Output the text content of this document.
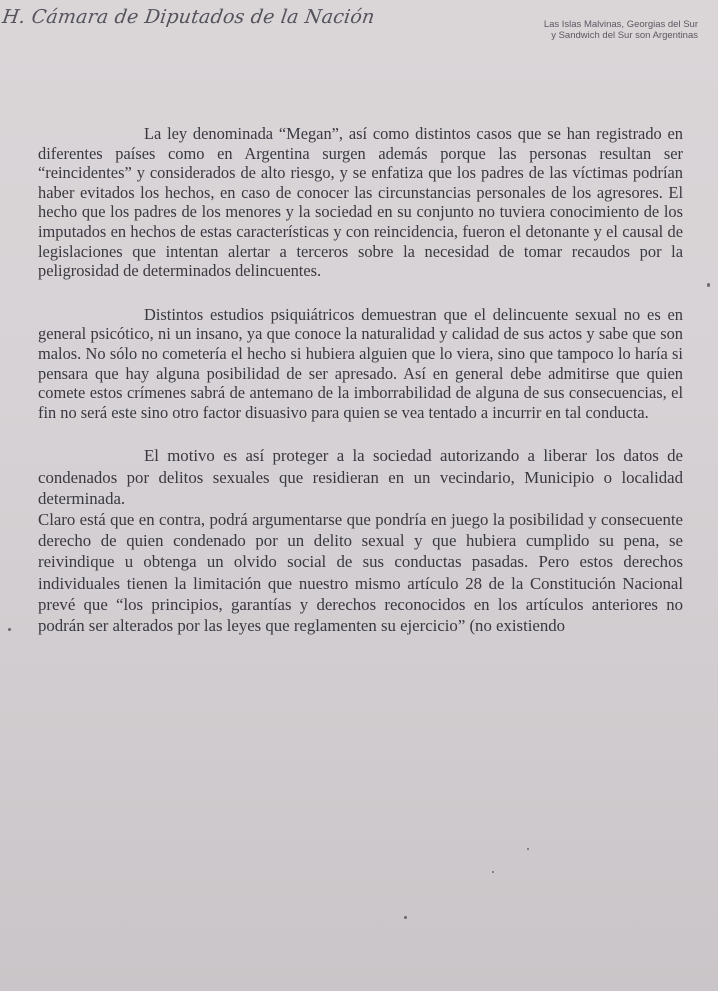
H. Cámara de Diputados de la Nación	Las Islas Malvinas, Georgias del Sur
y Sandwich del Sur son Argentinas

La ley denominada “Megan”, así como distintos casos que se han registrado en diferentes países como en Argentina surgen además porque las personas resultan ser “reincidentes” y considerados de alto riesgo, y se enfatiza que los padres de las víctimas podrían haber evitados los hechos, en caso de conocer las circunstancias personales de los agresores. El hecho que los padres de los menores y la sociedad en su conjunto no tuviera conocimiento de los imputados en hechos de estas características y con reincidencia, fueron el detonante y el causal de legislaciones que intentan alertar a terceros sobre la necesidad de tomar recaudos por la peligrosidad de determinados delincuentes.

Distintos estudios psiquiátricos demuestran que el delincuente sexual no es en general psicótico, ni un insano, ya que conoce la naturalidad y calidad de sus actos y sabe que son malos. No sólo no cometería el hecho si hubiera alguien que lo viera, sino que tampoco lo haría si pensara que hay alguna posibilidad de ser apresado. Así en general debe admitirse que quien comete estos crímenes sabrá de antemano de la imborrabilidad de alguna de sus consecuencias, el fin no será este sino otro factor disuasivo para quien se vea tentado a incurrir en tal conducta.

El motivo es así proteger a la sociedad autorizando a liberar los datos de condenados por delitos sexuales que residieran en un vecindario, Municipio o localidad determinada.

Claro está que en contra, podrá argumentarse que pondría en juego la posibilidad y consecuente derecho de quien condenado por un delito sexual y que hubiera cumplido su pena, se reivindique u obtenga un olvido social de sus conductas pasadas. Pero estos derechos individuales tienen la limitación que nuestro mismo artículo 28 de la Constitución Nacional prevé que “los principios, garantías y derechos reconocidos en los artículos anteriores no podrán ser alterados por las leyes que reglamenten su ejercicio” (no existiendo
